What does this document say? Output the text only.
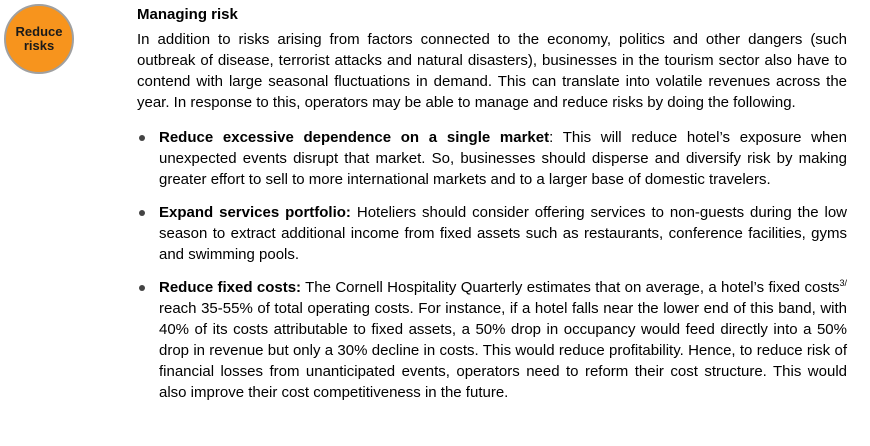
Reduce
risks
Managing risk

In addition to risks arising from factors connected to the economy, politics and other dangers (such outbreak of disease, terrorist attacks and natural disasters), businesses in the tourism sector also have to contend with large seasonal fluctuations in demand. This can translate into volatile revenues across the year. In response to this, operators may be able to manage and reduce risks by doing the following.

Reduce excessive dependence on a single market: This will reduce hotel’s exposure when unexpected events disrupt that market. So, businesses should disperse and diversify risk by making greater effort to sell to more international markets and to a larger base of domestic travelers.
Expand services portfolio: Hoteliers should consider offering services to non-guests during the low season to extract additional income from fixed assets such as restaurants, conference facilities, gyms and swimming pools.
Reduce fixed costs: The Cornell Hospitality Quarterly estimates that on average, a hotel’s fixed costs$^{3/}$ reach 35-55% of total operating costs. For instance, if a hotel falls near the lower end of this band, with 40% of its costs attributable to fixed assets, a 50% drop in occupancy would feed directly into a 50% drop in revenue but only a 30% decline in costs. This would reduce profitability. Hence, to reduce risk of financial losses from unanticipated events, operators need to reform their cost structure. This would also improve their cost competitiveness in the future.
